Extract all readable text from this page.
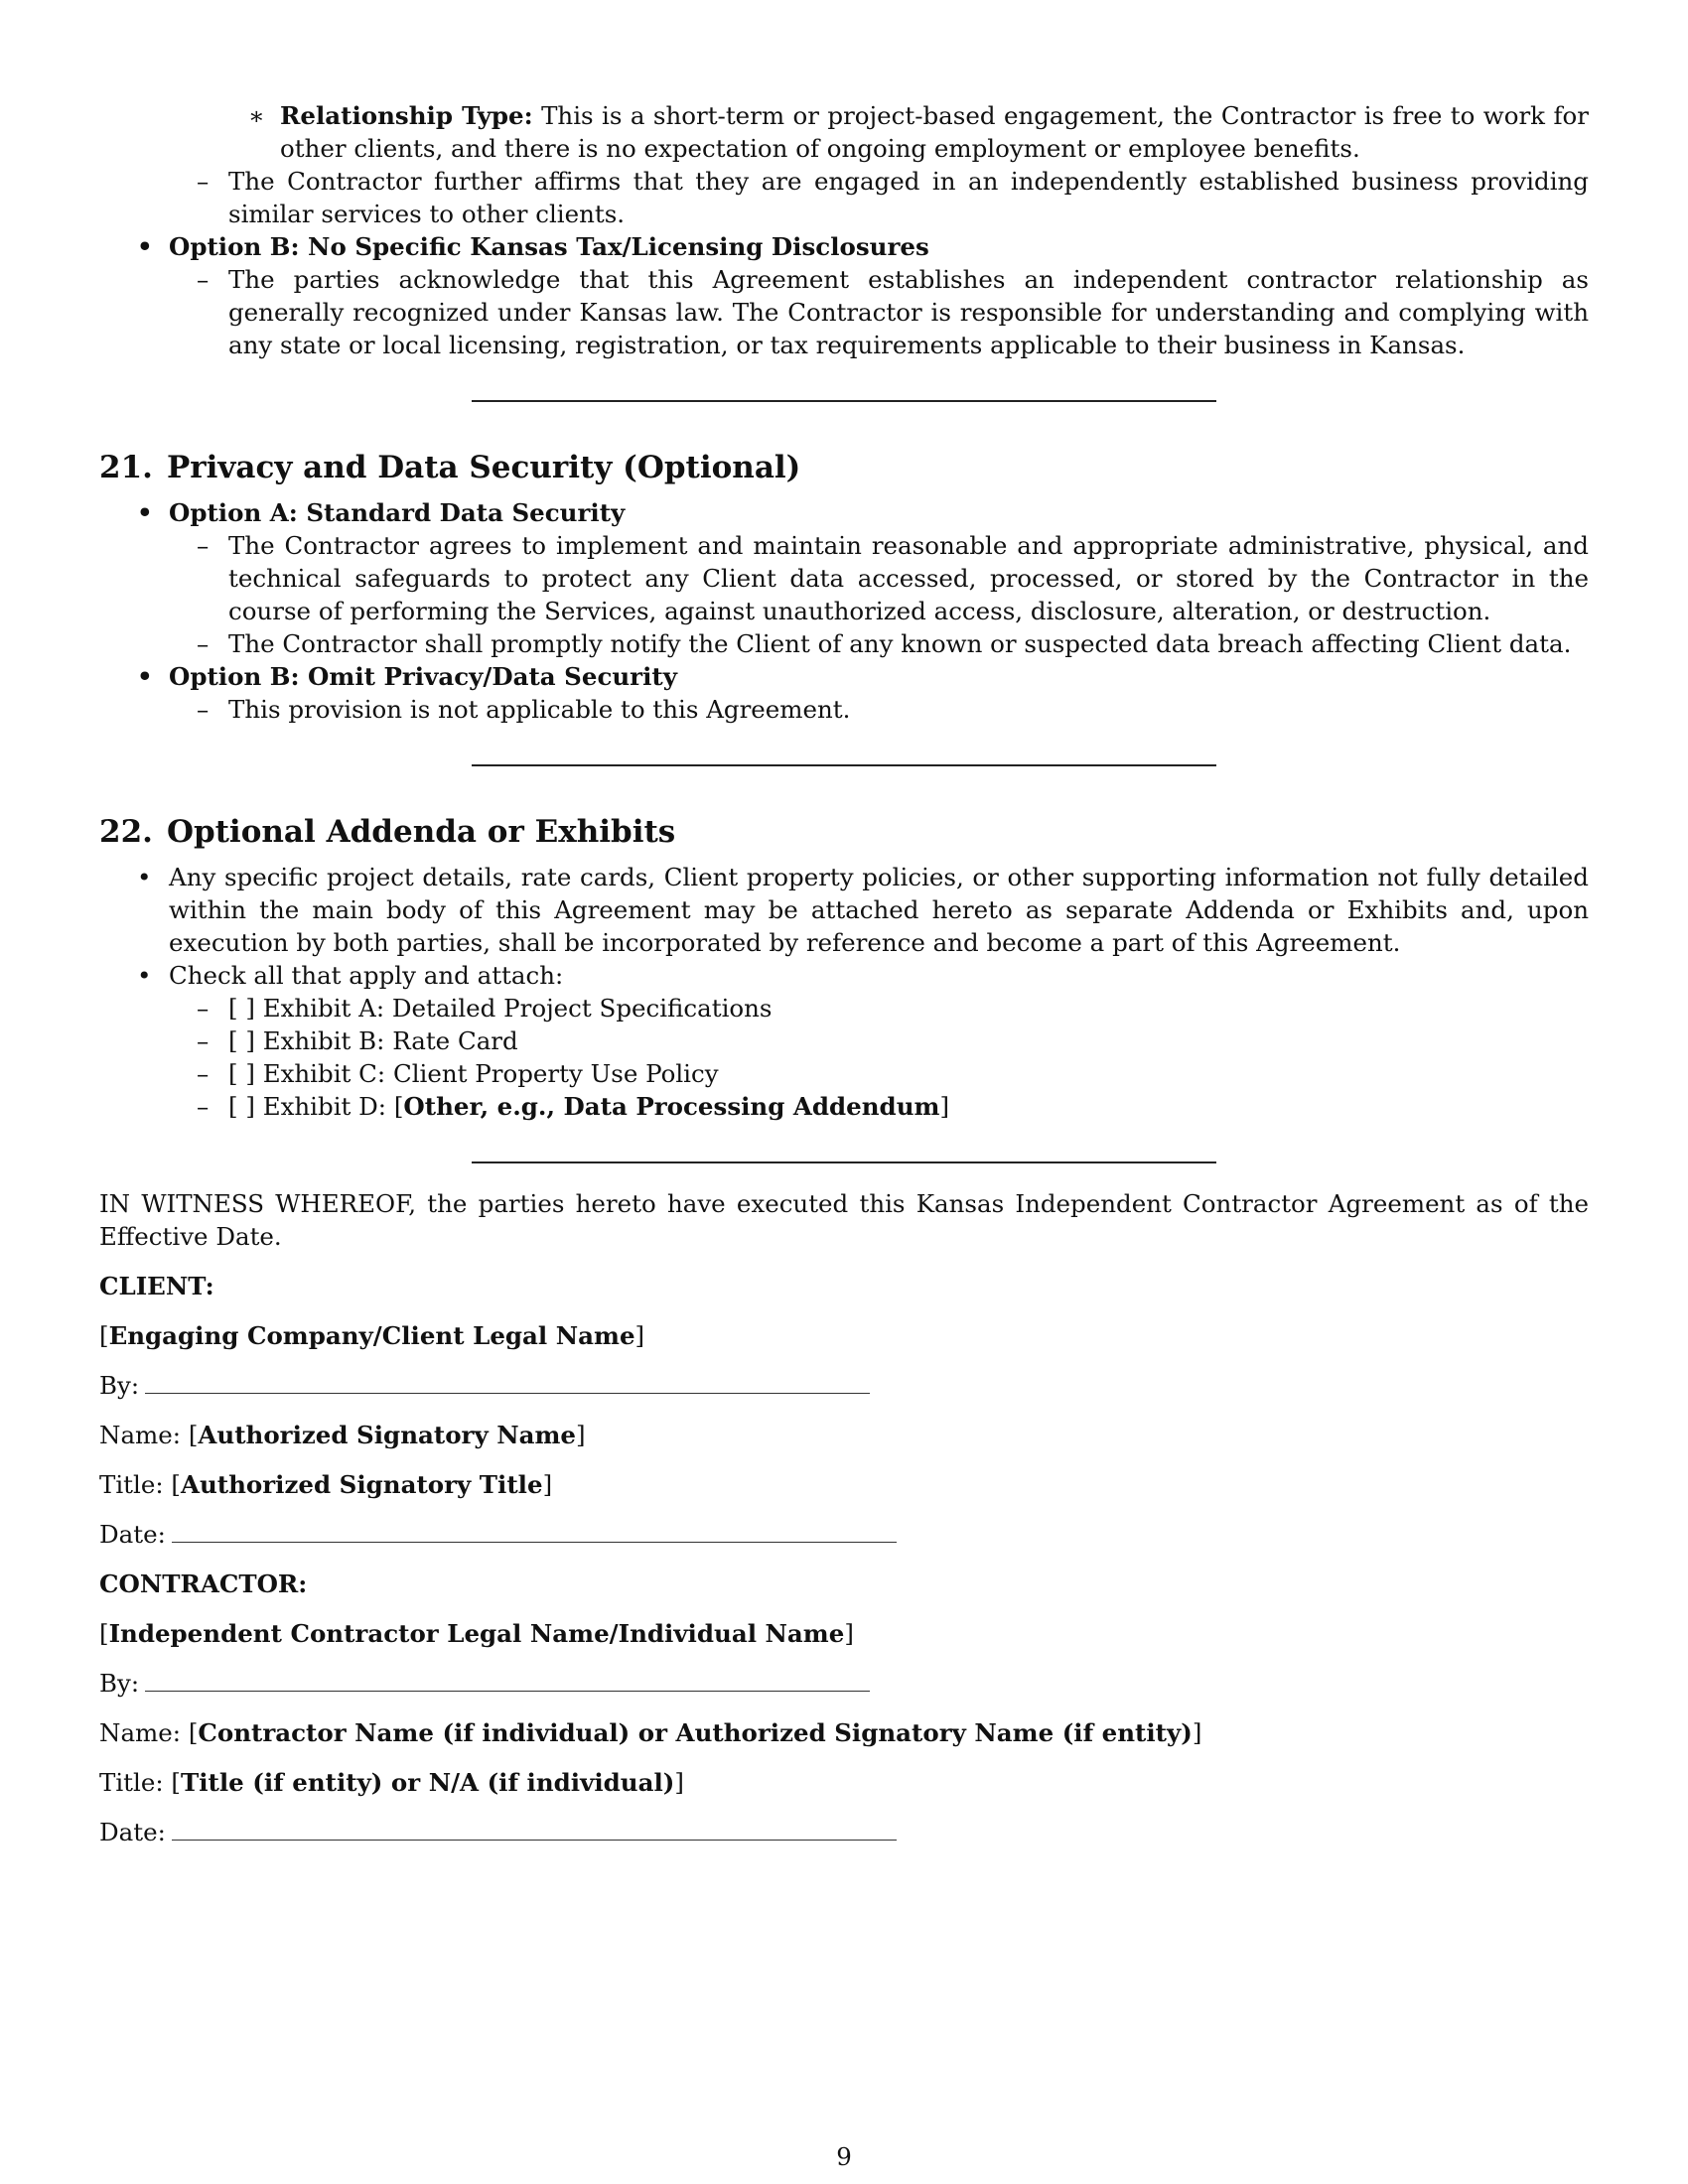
∗ Relationship Type: This is a short-term or project-based engagement, the Contractor is free to work for other clients, and there is no expectation of ongoing employment or employee benefits.
– The Contractor further affirms that they are engaged in an independently established business providing similar services to other clients.
• Option B: No Specific Kansas Tax/Licensing Disclosures
– The parties acknowledge that this Agreement establishes an independent contractor relationship as generally recognized under Kansas law. The Contractor is responsible for understanding and complying with any state or local licensing, registration, or tax requirements applicable to their business in Kansas.
21. Privacy and Data Security (Optional)
• Option A: Standard Data Security
– The Contractor agrees to implement and maintain reasonable and appropriate administrative, physical, and technical safeguards to protect any Client data accessed, processed, or stored by the Contractor in the course of performing the Services, against unauthorized access, disclosure, alteration, or destruction.
– The Contractor shall promptly notify the Client of any known or suspected data breach affecting Client data.
• Option B: Omit Privacy/Data Security
– This provision is not applicable to this Agreement.
22. Optional Addenda or Exhibits
• Any specific project details, rate cards, Client property policies, or other supporting information not fully detailed within the main body of this Agreement may be attached hereto as separate Addenda or Exhibits and, upon execution by both parties, shall be incorporated by reference and become a part of this Agreement.
• Check all that apply and attach:
– [ ] Exhibit A: Detailed Project Specifications
– [ ] Exhibit B: Rate Card
– [ ] Exhibit C: Client Property Use Policy
– [ ] Exhibit D: [Other, e.g., Data Processing Addendum]
IN WITNESS WHEREOF, the parties hereto have executed this Kansas Independent Contractor Agreement as of the Effective Date.
CLIENT:
[Engaging Company/Client Legal Name]
By:
Name: [Authorized Signatory Name]
Title: [Authorized Signatory Title]
Date:
CONTRACTOR:
[Independent Contractor Legal Name/Individual Name]
By:
Name: [Contractor Name (if individual) or Authorized Signatory Name (if entity)]
Title: [Title (if entity) or N/A (if individual)]
Date:
9
